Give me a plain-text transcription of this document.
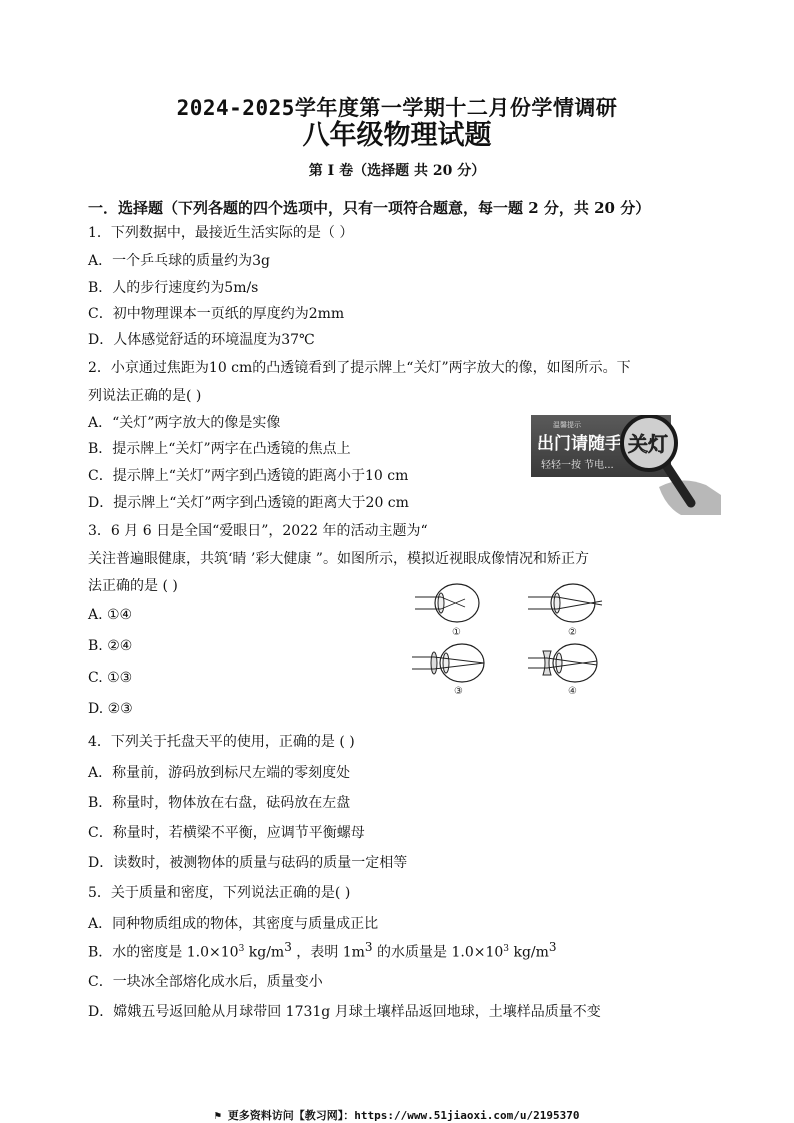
2024-2025学年度第一学期十二月份学情调研
八年级物理试题
第 I 卷（选择题 共 20 分）
一．选择题（下列各题的四个选项中，只有一项符合题意，每一题 2 分，共 20 分）
1．下列数据中，最接近生活实际的是（ ）
A．一个乒乓球的质量约为3g
B．人的步行速度约为5m/s
C．初中物理课本一页纸的厚度约为2mm
D．人体感觉舒适的环境温度为37℃
2．小京通过焦距为10 cm的凸透镜看到了提示牌上“关灯”两字放大的像，如图所示。下
列说法正确的是( )
A．“关灯”两字放大的像是实像
B．提示牌上“关灯”两字在凸透镜的焦点上
C．提示牌上“关灯”两字到凸透镜的距离小于10 cm
D．提示牌上“关灯”两字到凸透镜的距离大于20 cm
温馨提示
出门请随手
轻轻一按 节电...
关灯
3．6 月 6 日是全国“爱眼日”，2022 年的活动主题为“
关注普遍眼健康，共筑‘睛 ’彩大健康 ”。如图所示，模拟近视眼成像情况和矫正方
法正确的是 ( )
A. ①④
B. ②④
C. ①③
D. ②③
①	②
③	④
4．下列关于托盘天平的使用，正确的是 ( )
A．称量前，游码放到标尺左端的零刻度处
B．称量时，物体放在右盘，砝码放在左盘
C．称量时，若横梁不平衡，应调节平衡螺母
D．读数时，被测物体的质量与砝码的质量一定相等
5．关于质量和密度，下列说法正确的是( )
A．同种物质组成的物体，其密度与质量成正比
B．水的密度是 $1.0\times 10^3$ $kg/m^3$ ，表明 $1m^3$ 的水质量是 $1.0\times 10^3$ $kg/m^3$
C．一块冰全部熔化成水后，质量变小
D．嫦娥五号返回舱从月球带回 1731g 月球土壤样品返回地球，土壤样品质量不变
⚑ 更多资料访问【教习网】：https://www.51jiaoxi.com/u/2195370
